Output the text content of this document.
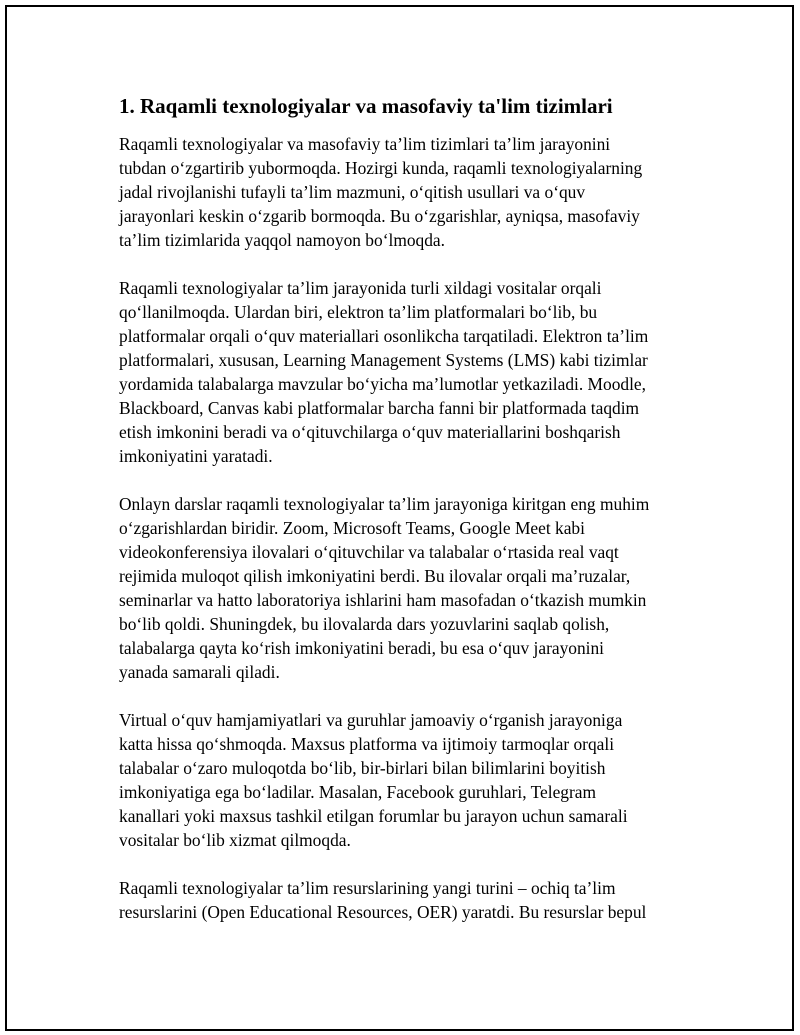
1. Raqamli texnologiyalar va masofaviy ta'lim tizimlari

Raqamli texnologiyalar va masofaviy ta’lim tizimlari ta’lim jarayonini
tubdan o‘zgartirib yubormoqda. Hozirgi kunda, raqamli texnologiyalarning
jadal rivojlanishi tufayli ta’lim mazmuni, o‘qitish usullari va o‘quv
jarayonlari keskin o‘zgarib bormoqda. Bu o‘zgarishlar, ayniqsa, masofaviy
ta’lim tizimlarida yaqqol namoyon bo‘lmoqda.

Raqamli texnologiyalar ta’lim jarayonida turli xildagi vositalar orqali
qo‘llanilmoqda. Ulardan biri, elektron ta’lim platformalari bo‘lib, bu
platformalar orqali o‘quv materiallari osonlikcha tarqatiladi. Elektron ta’lim
platformalari, xususan, Learning Management Systems (LMS) kabi tizimlar
yordamida talabalarga mavzular bo‘yicha ma’lumotlar yetkaziladi. Moodle,
Blackboard, Canvas kabi platformalar barcha fanni bir platformada taqdim
etish imkonini beradi va o‘qituvchilarga o‘quv materiallarini boshqarish
imkoniyatini yaratadi.

Onlayn darslar raqamli texnologiyalar ta’lim jarayoniga kiritgan eng muhim
o‘zgarishlardan biridir. Zoom, Microsoft Teams, Google Meet kabi
videokonferensiya ilovalari o‘qituvchilar va talabalar o‘rtasida real vaqt
rejimida muloqot qilish imkoniyatini berdi. Bu ilovalar orqali ma’ruzalar,
seminarlar va hatto laboratoriya ishlarini ham masofadan o‘tkazish mumkin
bo‘lib qoldi. Shuningdek, bu ilovalarda dars yozuvlarini saqlab qolish,
talabalarga qayta ko‘rish imkoniyatini beradi, bu esa o‘quv jarayonini
yanada samarali qiladi.

Virtual o‘quv hamjamiyatlari va guruhlar jamoaviy o‘rganish jarayoniga
katta hissa qo‘shmoqda. Maxsus platforma va ijtimoiy tarmoqlar orqali
talabalar o‘zaro muloqotda bo‘lib, bir-birlari bilan bilimlarini boyitish
imkoniyatiga ega bo‘ladilar. Masalan, Facebook guruhlari, Telegram
kanallari yoki maxsus tashkil etilgan forumlar bu jarayon uchun samarali
vositalar bo‘lib xizmat qilmoqda.

Raqamli texnologiyalar ta’lim resurslarining yangi turini – ochiq ta’lim
resurslarini (Open Educational Resources, OER) yaratdi. Bu resurslar bepul
